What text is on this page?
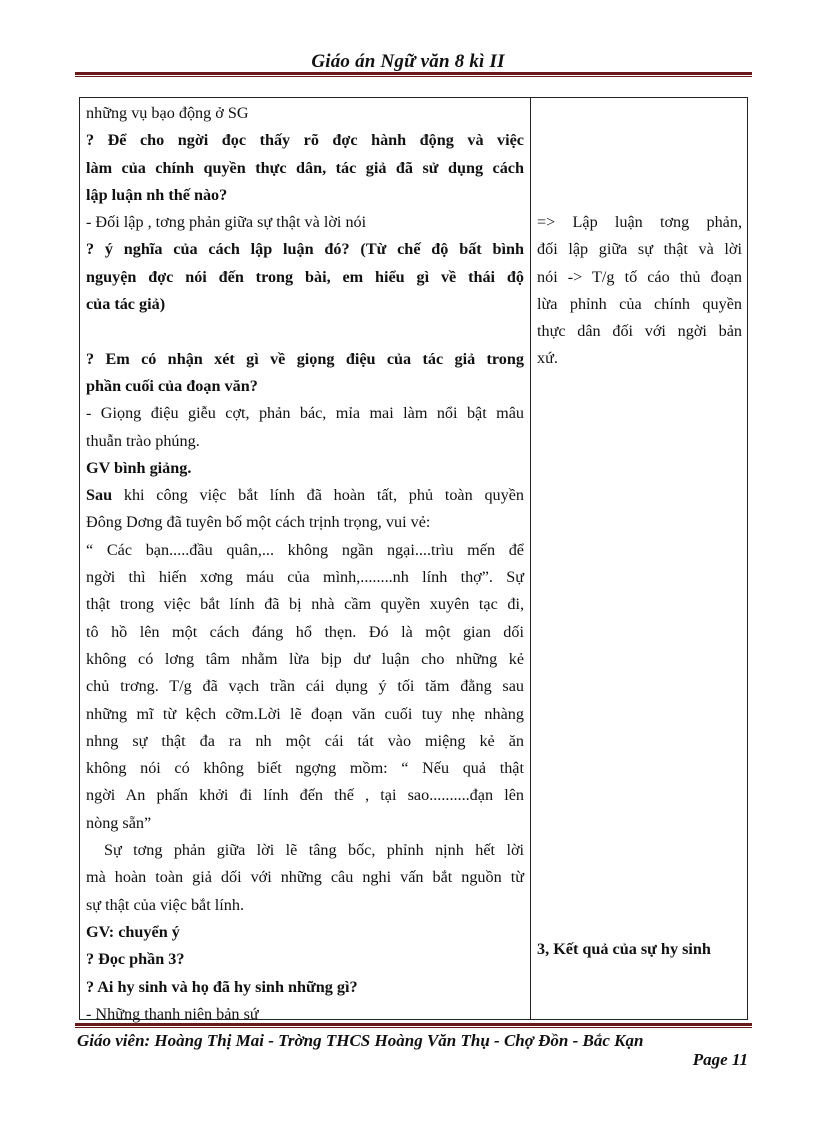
Giáo án Ngữ văn 8 kì II
những vụ bạo động ở SG
? Để cho ngời đọc thấy rõ đợc hành động và việc
làm của chính quyền thực dân, tác giả đã sử dụng cách
lập luận nh thế nào?
- Đối lập , tơng phản giữa sự thật và lời nói
? ý nghĩa của cách lập luận đó? (Từ chế độ bất bình
nguyện đợc nói đến trong bài, em hiểu gì về thái độ
của tác giả)

? Em có nhận xét gì về giọng điệu của tác giả trong
phần cuối của đoạn văn?
- Giọng điệu giễu cợt, phản bác, mỉa mai làm nổi bật mâu
thuẫn trào phúng.
GV bình giảng.
Sau khi công việc bắt lính đã hoàn tất, phủ toàn quyền
Đông Dơng đã tuyên bố một cách trịnh trọng, vui vẻ:
“ Các bạn.....đầu quân,... không ngần ngại....trìu mến để
ngời thì hiến xơng máu của mình,........nh lính thợ”. Sự
thật trong việc bắt lính đã bị nhà cầm quyền xuyên tạc đi,
tô hồ lên một cách đáng hổ thẹn. Đó là một gian dối
không có lơng tâm nhằm lừa bịp dư luận cho những kẻ
chủ trơng. T/g đã vạch trần cái dụng ý tối tăm đằng sau
những mĩ từ kệch cỡm.Lời lẽ đoạn văn cuối tuy nhẹ nhàng
nhng sự thật đa ra nh một cái tát vào miệng kẻ ăn
không nói có không biết ngợng mồm: “ Nếu quả thật
ngời An phấn khởi đi lính đến thế , tại sao..........đạn lên
nòng sẵn”
Sự tơng phản giữa lời lẽ tâng bốc, phỉnh nịnh hết lời
mà hoàn toàn giả dối với những câu nghi vấn bắt nguồn từ
sự thật của việc bắt lính.
GV: chuyển ý
? Đọc phần 3?
? Ai hy sinh và họ đã hy sinh những gì?
- Những thanh niên bản sứ
=> Lập luận tơng phản,
đối lập giữa sự thật và lời
nói -> T/g tố cáo thủ đoạn
lừa phỉnh của chính quyền
thực dân đối với ngời bản
xứ.
3, Kết quả của sự hy sinh
Giáo viên: Hoàng Thị Mai - Trờng THCS Hoàng Văn Thụ - Chợ Đồn - Bắc Kạn
Page 11
